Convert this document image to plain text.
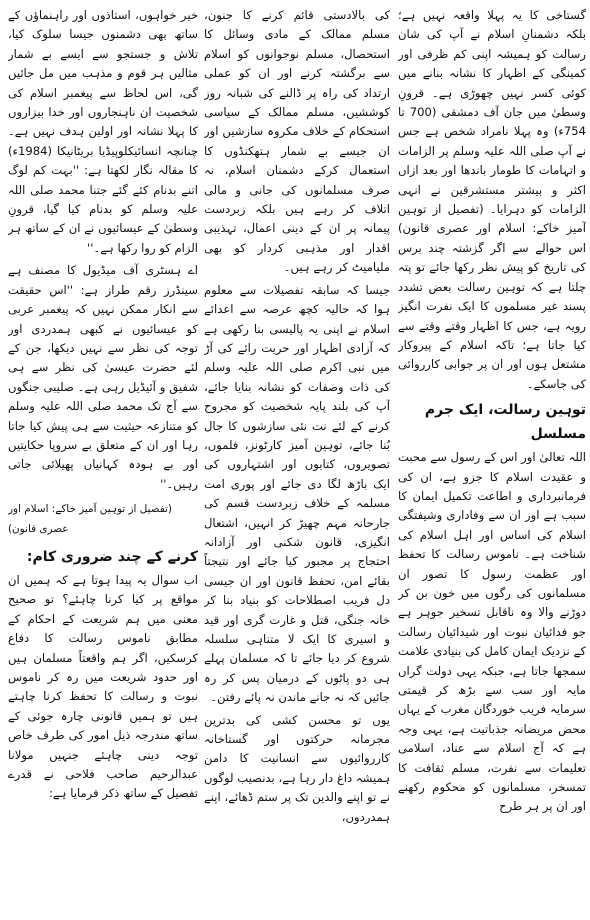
گستاخی کا یہ پہلا واقعہ نہیں ہے؛ بلکہ دشمنانِ اسلام نے آپ کی شان رسالت کو ہمیشہ اپنی کم ظرفی اور کمینگی کے اظہار کا نشانہ بنانے میں کوئی کسر نہیں چھوڑی ہے۔ قرونِ وسطیٰ میں جان آف دمشقی (700 تا 754ء) وہ پہلا نامراد شخص ہے جس نے آپ صلی اللہ علیہ وسلم پر الزامات و اتہامات کا طومار باندھا اور بعد ازاں اکثر و بیشتر مستشرقین نے انہی الزامات کو دہرایا۔ (تفصیل از توہین آمیز خاکے: اسلام اور عصری قانون) اس حوالے سے اگر گزشتہ چند برس کی تاریخ کو پیش نظر رکھا جائے تو پتہ چلتا ہے کہ توہین رسالت بعض تشدد پسند غیر مسلموں کا ایک نفرت انگیز رویہ ہے، جس کا اظہار وقتے وقتے سے کیا جاتا ہے؛ تاکہ اسلام کے پیروکار مشتعل ہوں اور ان پر جوابی کارروائی کی جاسکے۔

توہین رسالت، ایک جرم مسلسل

اللہ تعالیٰ اور اس کے رسول سے محبت و عقیدت اسلام کا جزو ہے، ان کی فرمانبرداری و اطاعت تکمیل ایمان کا سبب ہے اور ان سے وفاداری وشیفتگی اسلام کی اساس اور اہل اسلام کی شناخت ہے۔ ناموس رسالت کا تحفظ اور عظمت رسول کا تصور ان مسلمانوں کی رگوں میں خون بن کر دوڑنے والا وہ ناقابل تسخیر جوہر ہے جو فدائیان نبوت اور شیدائیان رسالت کے نزدیک ایمان کامل کی بنیادی علامت سمجھا جاتا ہے، جبکہ یہی دولت گراں مایہ اور سب سے بڑھ کر قیمتی سرمایہ فریب خوردگان مغرب کے یہاں محض مریضانہ جذباتیت ہے، یہی وجہ ہے کہ آج اسلام سے عناد، اسلامی تعلیمات سے نفرت، مسلم ثقافت کا تمسخر، مسلمانوں کو محکوم رکھنے اور ان پر ہر طرح

کی بالادستی قائم کرنے کا جنون، مسلم ممالک کے مادی وسائل کا استحصال، مسلم نوجوانوں کو اسلام سے برگشتہ کرنے اور ان کو عملی ارتداد کی راہ پر ڈالنے کی شبانہ روز کوششیں، مسلم ممالک کے سیاسی استحکام کے خلاف مکروہ سازشیں اور ان جیسے بے شمار ہتھکنڈوں کا استعمال کرکے دشمنان اسلام، نہ صرف مسلمانوں کی جانی و مالی اتلاف کر رہے ہیں بلکہ زبردست پیمانہ پر ان کے دینی اعمال، تہذیبی اقدار اور مذہبی کردار کو بھی ملیامیٹ کر رہے ہیں۔

جیسا کہ سابقہ تفصیلات سے معلوم ہوا کہ حالیہ کچھ عرصہ سے اعدائے اسلام نے اپنی یہ پالیسی بنا رکھی ہے کہ آزادی اظہار اور حریت رائے کی آڑ میں نبی اکرم صلی اللہ علیہ وسلم کی ذات وصفات کو نشانہ بنایا جائے، آپ کی بلند پایہ شخصیت کو مجروح کرنے کے لئے نت نئی سازشوں کا جال بُنا جائے، توہین آمیز کارٹونز، فلموں، تصویروں، کتابوں اور اشتہاروں کی ایک باڑھ لگا دی جائے اور پوری امت مسلمہ کے خلاف زبردست قسم کی جارحانہ مہم چھیڑ کر انہیں، اشتعال انگیزی، قانون شکنی اور آزادانہ احتجاج پر مجبور کیا جائے اور نتیجتاً بقائے امن، تحفظ قانون اور ان جیسی دل فریب اصطلاحات کو بنیاد بنا کر خانہ جنگی، قتل و غارت گری اور قید و اسیری کا ایک لا متناہی سلسلہ شروع کر دیا جائے تا کہ مسلمان پہلے ہی دو پاٹوں کے درمیان پس کر رہ جائیں کہ نہ جانے ماندن نہ پائے رفتن۔

یوں تو محسن کشی کی بدترین مجرمانہ حرکتوں اور گستاخانہ کارروائیوں سے انسانیت کا دامن ہمیشہ داغ دار رہا ہے، بدنصیب لوگوں نے تو اپنے والدین تک پر ستم ڈھائے، اپنے ہمدردوں،

خیر خواہوں، استاذوں اور راہنماؤں کے ساتھ بھی دشمنوں جیسا سلوک کیا، تلاش و جستجو سے ایسے بے شمار مثالیں ہر قوم و مذہب میں مل جائیں گی، اس لحاظ سے پیغمبر اسلام کی شخصیت ان ناہنجاروں اور خدا بیزاروں کا پہلا نشانہ اور اولین ہدف نہیں ہے۔ چنانچہ انسائیکلوپیڈیا بریٹانیکا (1984ء) کا مقالہ نگار لکھتا ہے: ''بہت کم لوگ اتنے بدنام کئے گئے جتنا محمد صلی اللہ علیہ وسلم کو بدنام کیا گیا، قرونِ وسطیٰ کے عیسائیوں نے ان کے ساتھ ہر الزام کو روا رکھا ہے۔''

اے ہسٹری آف میڈیول کا مصنف ہے سینڈرز رقم طراز ہے: ''اس حقیقت سے انکار ممکن نہیں کہ پیغمبر عربی کو عیسائیوں نے کبھی ہمدردی اور توجہ کی نظر سے نہیں دیکھا، جن کے لئے حضرت عیسیٰ کی نظر سے ہی شفیق و آئیڈیل رہی ہے۔ صلیبی جنگوں سے آج تک محمد صلی اللہ علیہ وسلم کو متنازعہ حیثیت سے ہی پیش کیا جاتا رہا اور ان کے متعلق بے سروپا حکایتیں اور بے ہودہ کہانیاں پھیلائی جاتی رہیں۔''

(تفصیل از توہین آمیز خاکے: اسلام اور عصری قانون)
کرنے کے چند ضروری کام:

اب سوال یہ پیدا ہوتا ہے کہ ہمیں ان مواقع پر کیا کرنا چاہئے؟ تو صحیح معنی میں ہم شریعت کے احکام کے مطابق ناموس رسالت کا دفاع کرسکیں، اگر ہم واقعتاً مسلمان ہیں اور حدود شریعت میں رہ کر ناموس نبوت و رسالت کا تحفظ کرنا چاہتے ہیں تو ہمیں قانونی چارہ جوئی کے ساتھ مندرجہ ذیل امور کی طرف خاص توجہ دینی چاہئے جنہیں مولانا عبدالرحیم صاحب فلاحی نے قدرے تفصیل کے ساتھ ذکر فرمایا ہے:
